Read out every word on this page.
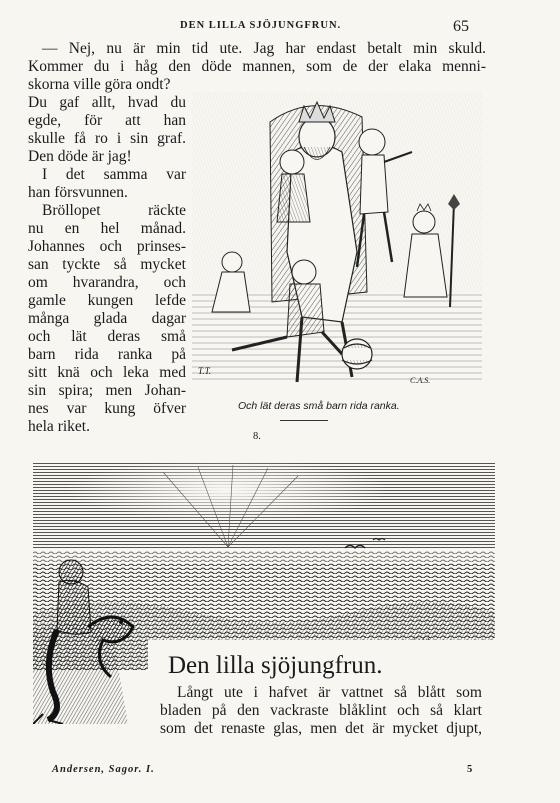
DEN LILLA SJÖJUNGFRUN.	65
— Nej, nu är min tid ute. Jag har endast betalt min skuld.
Kommer du i håg den döde mannen, som de der elaka menni-
skorna ville göra ondt?
Du gaf allt, hvad du
egde, för att han
skulle få ro i sin graf.
Den döde är jag!
I det samma var
han försvunnen.
Bröllopet räckte
nu en hel månad.
Johannes och prinses-
san tyckte så mycket
om hvarandra, och
gamle kungen lefde
många glada dagar
och lät deras små
barn rida ranka på
sitt knä och leka med
sin spira; men Johan-
nes var kung öfver
hela riket.
T.T.
C.A.S.
Och lät deras små barn rida ranka.
8.
Den lilla sjöjungfrun.
Långt ute i hafvet är vattnet så blått som
bladen på den vackraste blåklint och så klart
som det renaste glas, men det är mycket djupt,
Andersen, Sagor. I.	5
